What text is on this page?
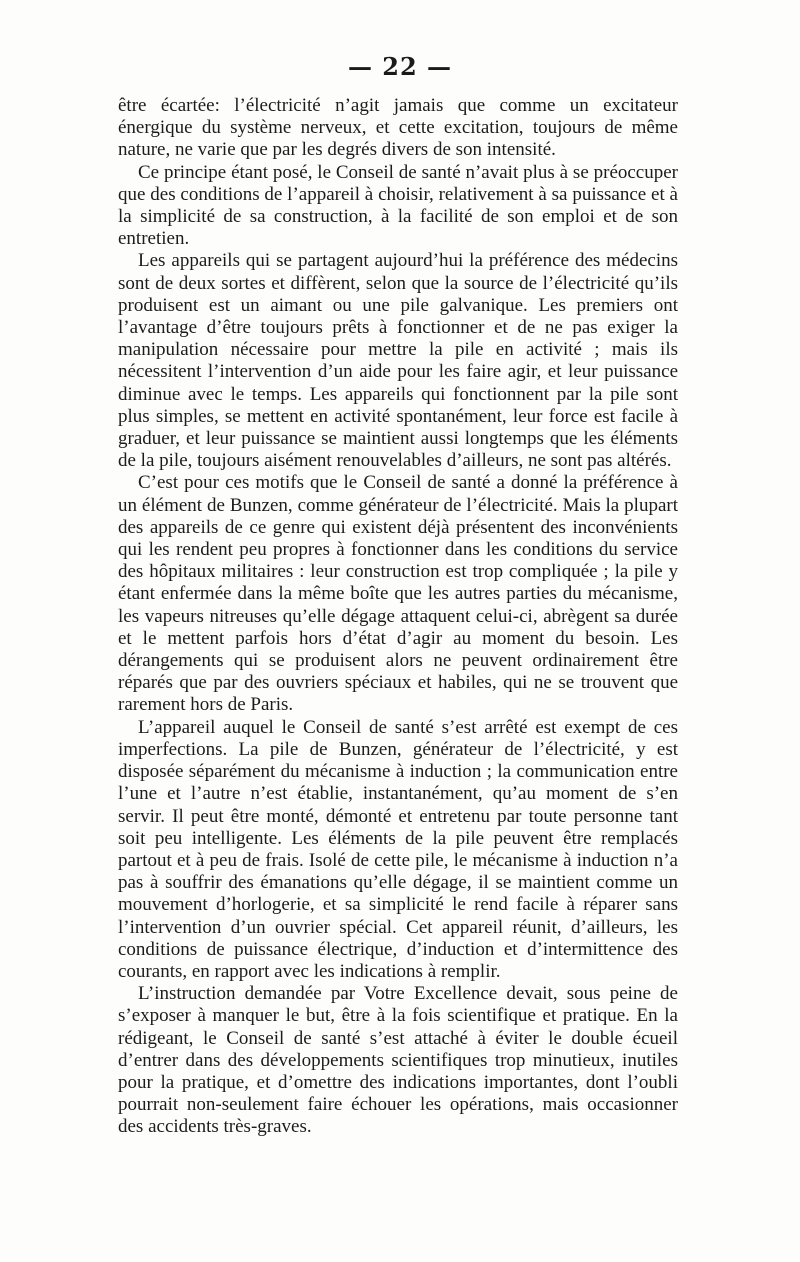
— 22 —

être écartée: l’électricité n’agit jamais que comme un excitateur énergique du système nerveux, et cette excitation, toujours de même nature, ne varie que par les degrés divers de son intensité.

Ce principe étant posé, le Conseil de santé n’avait plus à se préoccuper que des conditions de l’appareil à choisir, relativement à sa puissance et à la simplicité de sa construction, à la facilité de son emploi et de son entretien.

Les appareils qui se partagent aujourd’hui la préférence des médecins sont de deux sortes et diffèrent, selon que la source de l’électricité qu’ils produisent est un aimant ou une pile galvanique. Les premiers ont l’avantage d’être toujours prêts à fonctionner et de ne pas exiger la manipulation nécessaire pour mettre la pile en activité ; mais ils nécessitent l’intervention d’un aide pour les faire agir, et leur puissance diminue avec le temps. Les appareils qui fonctionnent par la pile sont plus simples, se mettent en activité spontanément, leur force est facile à graduer, et leur puissance se maintient aussi longtemps que les éléments de la pile, toujours aisément renouvelables d’ailleurs, ne sont pas altérés.

C’est pour ces motifs que le Conseil de santé a donné la préférence à un élément de Bunzen, comme générateur de l’électricité. Mais la plupart des appareils de ce genre qui existent déjà présentent des inconvénients qui les rendent peu propres à fonctionner dans les conditions du service des hôpitaux militaires : leur construction est trop compliquée ; la pile y étant enfermée dans la même boîte que les autres parties du mécanisme, les vapeurs nitreuses qu’elle dégage attaquent celui-ci, abrègent sa durée et le mettent parfois hors d’état d’agir au moment du besoin. Les dérangements qui se produisent alors ne peuvent ordinairement être réparés que par des ouvriers spéciaux et habiles, qui ne se trouvent que rarement hors de Paris.

L’appareil auquel le Conseil de santé s’est arrêté est exempt de ces imperfections. La pile de Bunzen, générateur de l’électricité, y est disposée séparément du mécanisme à induction ; la communication entre l’une et l’autre n’est établie, instantanément, qu’au moment de s’en servir. Il peut être monté, démonté et entretenu par toute personne tant soit peu intelligente. Les éléments de la pile peuvent être remplacés partout et à peu de frais. Isolé de cette pile, le mécanisme à induction n’a pas à souffrir des émanations qu’elle dégage, il se maintient comme un mouvement d’horlogerie, et sa simplicité le rend facile à réparer sans l’intervention d’un ouvrier spécial. Cet appareil réunit, d’ailleurs, les conditions de puissance électrique, d’induction et d’intermittence des courants, en rapport avec les indications à remplir.

L’instruction demandée par Votre Excellence devait, sous peine de s’exposer à manquer le but, être à la fois scientifique et pratique. En la rédigeant, le Conseil de santé s’est attaché à éviter le double écueil d’entrer dans des développements scientifiques trop minutieux, inutiles pour la pratique, et d’omettre des indications importantes, dont l’oubli pourrait non-seulement faire échouer les opérations, mais occasionner des accidents très-graves.
